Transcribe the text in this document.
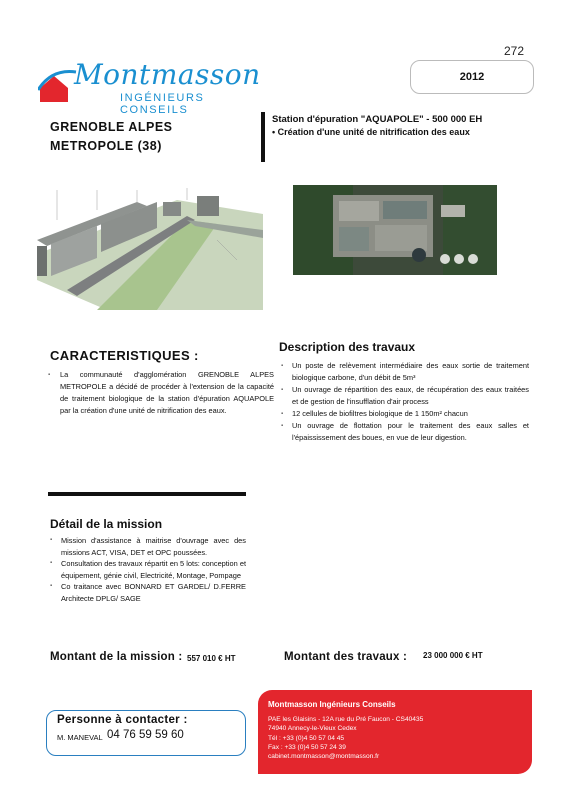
272
Montmasson
INGÉNIEURS CONSEILS
2012
GRENOBLE ALPES
METROPOLE (38)
Station d'épuration "AQUAPOLE" - 500 000 EH
• Création d'une unité de nitrification des eaux
CARACTERISTIQUES :
▪ La communauté d'agglomération GRENOBLE ALPES METROPOLE a décidé de procéder à l'extension de la capacité de traitement biologique de la station d'épuration AQUAPOLE par la création d'une unité de nitrification des eaux.
Description des travaux
▪ Un poste de relèvement intermédiaire des eaux sortie de traitement biologique carbone, d'un débit de 5m³
▪ Un ouvrage de répartition des eaux, de récupération des eaux traitées et de gestion de l'insufflation d'air process
▪ 12 cellules de biofiltres biologique de 1 150m² chacun
▪ Un ouvrage de flottation pour le traitement des eaux salles et l'épaississement des boues, en vue de leur digestion.
Détail de la mission
▪ Mission d'assistance à maitrise d'ouvrage avec des missions ACT, VISA, DET et OPC poussées.
▪ Consultation des travaux répartit en 5 lots: conception et équipement, génie civil, Electricité, Montage, Pompage
▪ Co traitance avec BONNARD ET GARDEL/ D.FERRE Architecte DPLG/ SAGE
Montant de la mission : 557 010 € HT	Montant des travaux : 23 000 000 € HT
Personne à contacter :
M. MANEVAL 04 76 59 59 60
Montmasson Ingénieurs Conseils
PAE les Glaisins - 12A rue du Pré Faucon - CS40435
74940 Annecy-le-Vieux Cedex
Tél : +33 (0)4 50 57 04 45
Fax : +33 (0)4 50 57 24 39
cabinet.montmasson@montmasson.fr
